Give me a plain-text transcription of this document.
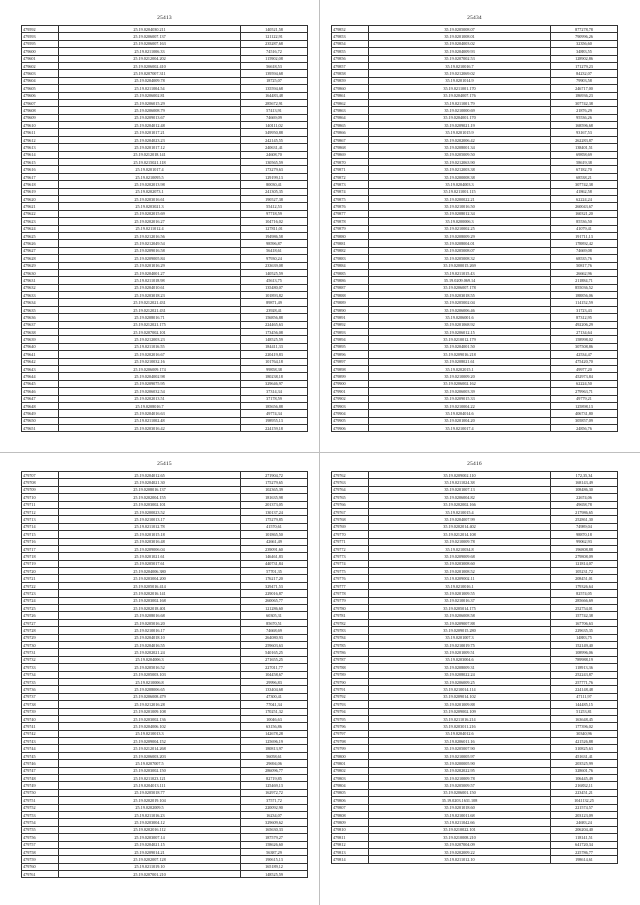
25413
479592	25.19.0204030.211	140521,58
479593	25.19.0206007.137	121122,91
479595	25.19.0206007.163	235287,68
479600	25.19.0211006.33	74516,72
479601	25.19.0212004.202	115902,08
479602	25.19.0206002.410	56618,53
479603	25.19.0207007.311	139594,68
479604	25.19.0204009.78	18725,07
479605	25.19.0211004.54	135594,68
479606	25.19.0206002.81	164483,48
479607	25.19.0206015.29	285672,91
479608	25.19.0206008.79	57413,91
479609	25.19.0209013.67	74669,09
479610	25.19.0204012.48	140111,02
479611	25.19.0201017.21	349950,88
479612	25.19.0204023.23	242145,55
479613	25.19.0201017.12	240631,41
479614	25.19.0212018.141	24608,70
479615	25.19.0215021.118	130565,59
479616	25.19.0201017.4	173279,63
479617	25.19.0210095.5	129199,13
479618	25.19.0202013.98	80030,41
479619	25.19.0202073.1	241305,35
479620	25.19.0203016.61	190527,38
479621	25.19.0203021.3	55412,53
479622	25.19.0202015.69	97718,59
479623	25.19.0202016.27	104716,02
479624	25.19.0211012.4	127811,01
479625	25.19.0212016.56	194986,58
479626	25.19.0212049.54	98596,87
479627	25.19.0209016.58	56418,61
479628	25.19.0209005.84	97930,24
479629	25.19.0201016.29	233639,08
479630	25.19.0204001.27	140525,59
479631	25.19.0211018.98	45613,75
479632	25.19.0204010.61	135480,07
479633	25.19.0203018.23	101893,82
479634	25.19.0212021.431	89871,49
479635	25.19.0212021.431	23928,41
479636	25.19.0208016.71	156856,88
479637	25.19.0212021.175	224465,63
479638	25.19.0207002.101	173456,08
479639	25.19.0212003.23	148525,59
479640	25.19.0211016.55	184411,33
479641	25.19.0202016.67	220419,83
479642	25.19.0210032.16	101764,18
479643	25.19.0206009.174	99858,38
479644	25.19.0204002.98	180238,18
479645	25.19.0209075.95	329646,97
479646	25.19.0206032.54	37314,34
479647	25.19.0202013.51	37178,59
479648	25.19.0208016.7	185656,88
479649	25.19.0204016.63	49774,34
479650	25.19.0211002.48	198955,13
479651	25.19.0203016.42	224159,18
25434
479852	35.19.0205008.07	877278,78
479853	35.19.0201008.01	790996,26
479854	35.19.0204003.02	32356,60
479855	35.19.0204009.93	34883,55
479856	35.19.0207002.53	128902,86
479857	35.19.0210016.7	171279,23
479858	35.19.0212069.02	84232,07
479859	35.19.0201014.9	79903,58
479860	35.19.0211001.170	246717,00
479861	35.19.0204007.176	186936,23
479862	35.19.0211001.79	307742,38
479863	35.19.0210000.69	21876,29
479864	35.19.0204001.170	95536,26
479865	35.19.0209021.19	168596,68
479866	35.19.0201015.9	93167,53
479867	35.19.0202006.42	262283,87
479868	35.19.0208001.34	138401,51
479869	35.19.0205009.50	69858,69
479870	35.19.0212063.90	58619,38
479871	35.19.0212003.38	67182,70
479872	35.19.0200008.38	68538,21
479873	35.19.0204003.3	307742,38
479874	35.19.0211001.115	41862,58
479875	35.19.0200022.21	62224,24
479876	35.19.0210016.50	260043,67
479877	35.19.0208012.34	160321,20
479878	35.19.0200006.3	85536,50
479879	35.19.0210002.25	41079,41
479880	35.19.0208009.29	191711,13
479881	35.19.0208004.01	178892,42
479882	35.19.0205008.07	74669,08
479883	35.19.0205008.32	68535,76
479884	35.19.0200015.269	50817,76
479885	35.19.0211015.43	26662,96
479886	35.19.0209.069.14	211884,71
479887	35.19.0206007.178	855036,52
479888	35.19.0203018.55	188856,06
479889	35.19.0205002.04	114152,59
479890	35.19.0206006.46	31723,43
479891	35.19.0206001.6	87312,95
479892	35.19.0201068.92	492206,29
479893	35.19.0206012.15	27134,64
479894	35.19.0210012.179	158998,02
479895	35.19.0204001.50	307508,86
479896	35.19.0209016.218	42534,47
479897	35.19.0208021.61	475420,70
479898	35.19.0202015.1	49977,20
479899	35.19.0210009.20	452973,84
479900	35.19.0206002.162	62224,50
479901	35.19.0206003.39	279963,71
479902	35.19.0209015.33	49779,21
479903	35.19.0210004.22	125898,13
479904	35.19.0204014.6	406731,80
479905	35.19.0201004.20	305857,09
479906	35.19.0210017.4	24856,76
25415
479707	25.19.0204012.65	271904,72
479708	25.19.0204021.30	175279,65
479709	25.19.0208016.137	102365,39
479710	25.19.0202004.155	181635,98
479711	25.19.0203002.101	201373,05
479712	25.19.0200023.52	130137,24
479713	25.19.0210013.17	175279,85
479714	25.19.0211012.78	41570,61
479715	25.19.0201015.18	101865,50
479716	25.19.0203016.48	42661,49
479717	25.19.0209006.04	239091,60
479718	25.19.0201021.61	146461,83
479719	25.19.0205017.61	440731,84
479720	25.19.0204006.380	57701,35
479721	25.19.0203004.200	176217,20
479722	25.19.0205016.414	329471,53
479723	25.19.0202016.141	229016,87
479724	25.19.0203002.168	260065,77
479725	25.19.0202018.401	121286,60
479726	25.19.0208016.68	60305,31
479727	25.19.0205016.20	85670,51
479728	25.19.0210016.17	74668,69
479729	25.19.0204018.10	264080,93
479730	25.19.0204016.55	259603,63
479731	25.19.0202021.24	540165,25
479732	25.19.0204006.3	271655,25
479733	25.19.0205016.52	227011,77
479734	25.19.0205003.103	104458,67
479735	25.19.0210006.8	29996,83
479736	25.19.0208006.65	133404,68
479737	25.19.0206008.479	47300,41
479738	25.19.0212016.28	77041,34
479739	25.19.0201009.108	170251,32
479740	25.19.0203002.136	10046,63
479741	25.19.0204006.102	63156,86
479742	25.19.0210013.3	142678,28
479743	25.19.0209004.152	125696,19
479744	25.19.0212014.268	180813,97
479745	25.19.0206003.203	56058,61
479746	25.19.0207007.5	29694,06
479747	25.19.0203002.150	286096,77
479748	25.19.0211023.121	82719,85
479749	25.19.0204013.111	125469,13
479750	25.19.0205018.77	162972,72
479751	25.19.0202019.104	37571,72
479752	25.19.0202009.5	220092,90
479753	25.19.0211016.23	16234,07
479754	25.19.0203004.12	329609,62
479755	25.19.0202016.112	165630,33
479756	25.19.0203007.14	187579,27
479757	25.19.0204021.15	158626,60
479758	25.19.0209014.21	56387,29
479759	25.19.0202007.128	190615,13
479760	25.19.0211019.10	165189,12
479761	25.19.0207001.210	148525,59
25416
479762	35.19.0209002.110	172,35,34
479763	35.19.0211024.38	168143,49
479764	35.19.0201007.13	108486,30
479765	35.19.0206004.82	22674,06
479766	35.19.0202002.166	49658,78
479767	35.19.0210015.4	217986,65
479768	35.19.0204007.99	252861,30
479769	35.19.0202014.402	74989,04
479770	35.19.0212014.108	98870,18
479771	35.19.0210009.78	99062,93
479772	35.19.0210034.8	196808,88
479773	35.19.0209009.68	279808,09
479774	35.19.0203008.60	121814,07
479775	35.19.0201008.52	105231,72
479776	35.19.0209002.11	208451,01
479777	35.19.0210016.1	179326,64
479778	35.19.0201009.55	82574,05
479779	35.19.0210016.37	285666,69
479780	35.19.0205014.175	252754,01
479781	35.19.0206008.58	157742,38
479782	35.19.0209007.88	167706,63
479783	35.19.0209015.280	229635,35
479784	35.19.0201007.3	14883,75
479785	35.19.0210019.75	152149,40
479786	35.19.0201009.51	108996,06
479787	35.19.0203004.6	789988,19
479788	35.19.0208009.31	118913,36
479789	35.19.0208022.24	252243,87
479790	35.19.0206009.25	257771,76
479791	35.19.0210014.114	224148,48
479792	35.19.0209014.102	47111,97
479793	35.19.0201009.88	144485,15
479794	35.19.0209002.109	51253,81
479795	35.19.0211016.214	163648,45
479796	35.19.0203011.216	177396,02
479797	35.19.0204012.6	30340,96
479798	35.19.0206011.16	421526,88
479799	35.19.0205007.90	310825,63
479800	35.19.0210005.97	451631,41
479801	35.19.0200005.90	203525,99
479802	35.19.0202022.95	328601,76
479803	35.19.0210009.78	106445,49
479804	35.19.0205009.57	216832,11
479805	35.19.0206001.150	223451,21
479806	35.19.0203.1631.108	1041132,25
479807	35.19.0201018.60	221574,57
479808	35.19.0210011.68	203123,09
479809	35.19.0211042.66	24683,24
479810	35.19.0210022.101	206204,40
479811	35.19.0210008.210	118141,51
479812	35.19.0207004.09	641720,34
479813	35.19.0202009.22	225786,77
479814	35.19.0211012.10	198614,61
